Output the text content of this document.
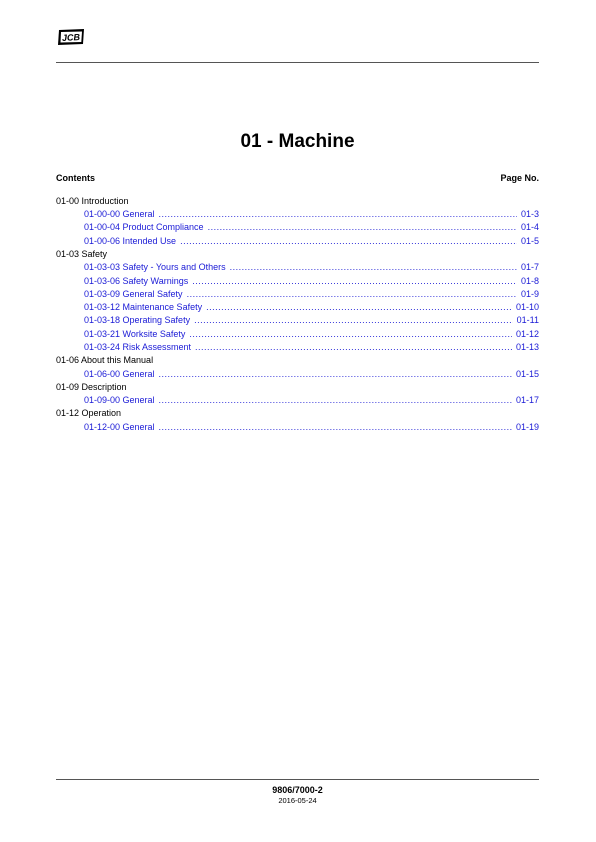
JCB
01 - Machine
Contents	Page No.
01-00 Introduction
01-00-00 General .....	01-3
01-00-04 Product Compliance .....	01-4
01-00-06 Intended Use .....	01-5
01-03 Safety
01-03-03 Safety - Yours and Others .....	01-7
01-03-06 Safety Warnings .....	01-8
01-03-09 General Safety .....	01-9
01-03-12 Maintenance Safety .....	01-10
01-03-18 Operating Safety .....	01-11
01-03-21 Worksite Safety .....	01-12
01-03-24 Risk Assessment .....	01-13
01-06 About this Manual
01-06-00 General .....	01-15
01-09 Description
01-09-00 General .....	01-17
01-12 Operation
01-12-00 General .....	01-19
9806/7000-2
2016-05-24
